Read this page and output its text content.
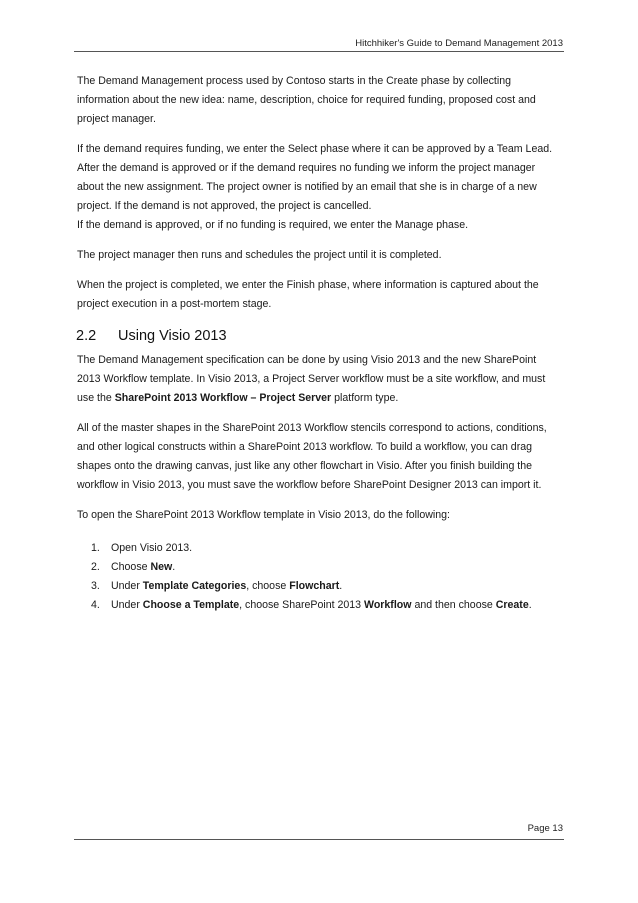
Hitchhiker's Guide to Demand Management 2013

The Demand Management process used by Contoso starts in the Create phase by collecting
information about the new idea: name, description, choice for required funding, proposed cost and
project manager.

If the demand requires funding, we enter the Select phase where it can be approved by a Team Lead.
After the demand is approved or if the demand requires no funding we inform the project manager
about the new assignment. The project owner is notified by an email that she is in charge of a new
project. If the demand is not approved, the project is cancelled.
If the demand is approved, or if no funding is required, we enter the Manage phase.

The project manager then runs and schedules the project until it is completed.

When the project is completed, we enter the Finish phase, where information is captured about the
project execution in a post-mortem stage.

2.2	Using Visio 2013

The Demand Management specification can be done by using Visio 2013 and the new SharePoint
2013 Workflow template. In Visio 2013, a Project Server workflow must be a site workflow, and must
use the SharePoint 2013 Workflow – Project Server platform type.

All of the master shapes in the SharePoint 2013 Workflow stencils correspond to actions, conditions,
and other logical constructs within a SharePoint 2013 workflow. To build a workflow, you can drag
shapes onto the drawing canvas, just like any other flowchart in Visio. After you finish building the
workflow in Visio 2013, you must save the workflow before SharePoint Designer 2013 can import it.

To open the SharePoint 2013 Workflow template in Visio 2013, do the following:

1.	Open Visio 2013.
2.	Choose New.
3.	Under Template Categories, choose Flowchart.
4.	Under Choose a Template, choose SharePoint 2013 Workflow and then choose Create.
Page 13
